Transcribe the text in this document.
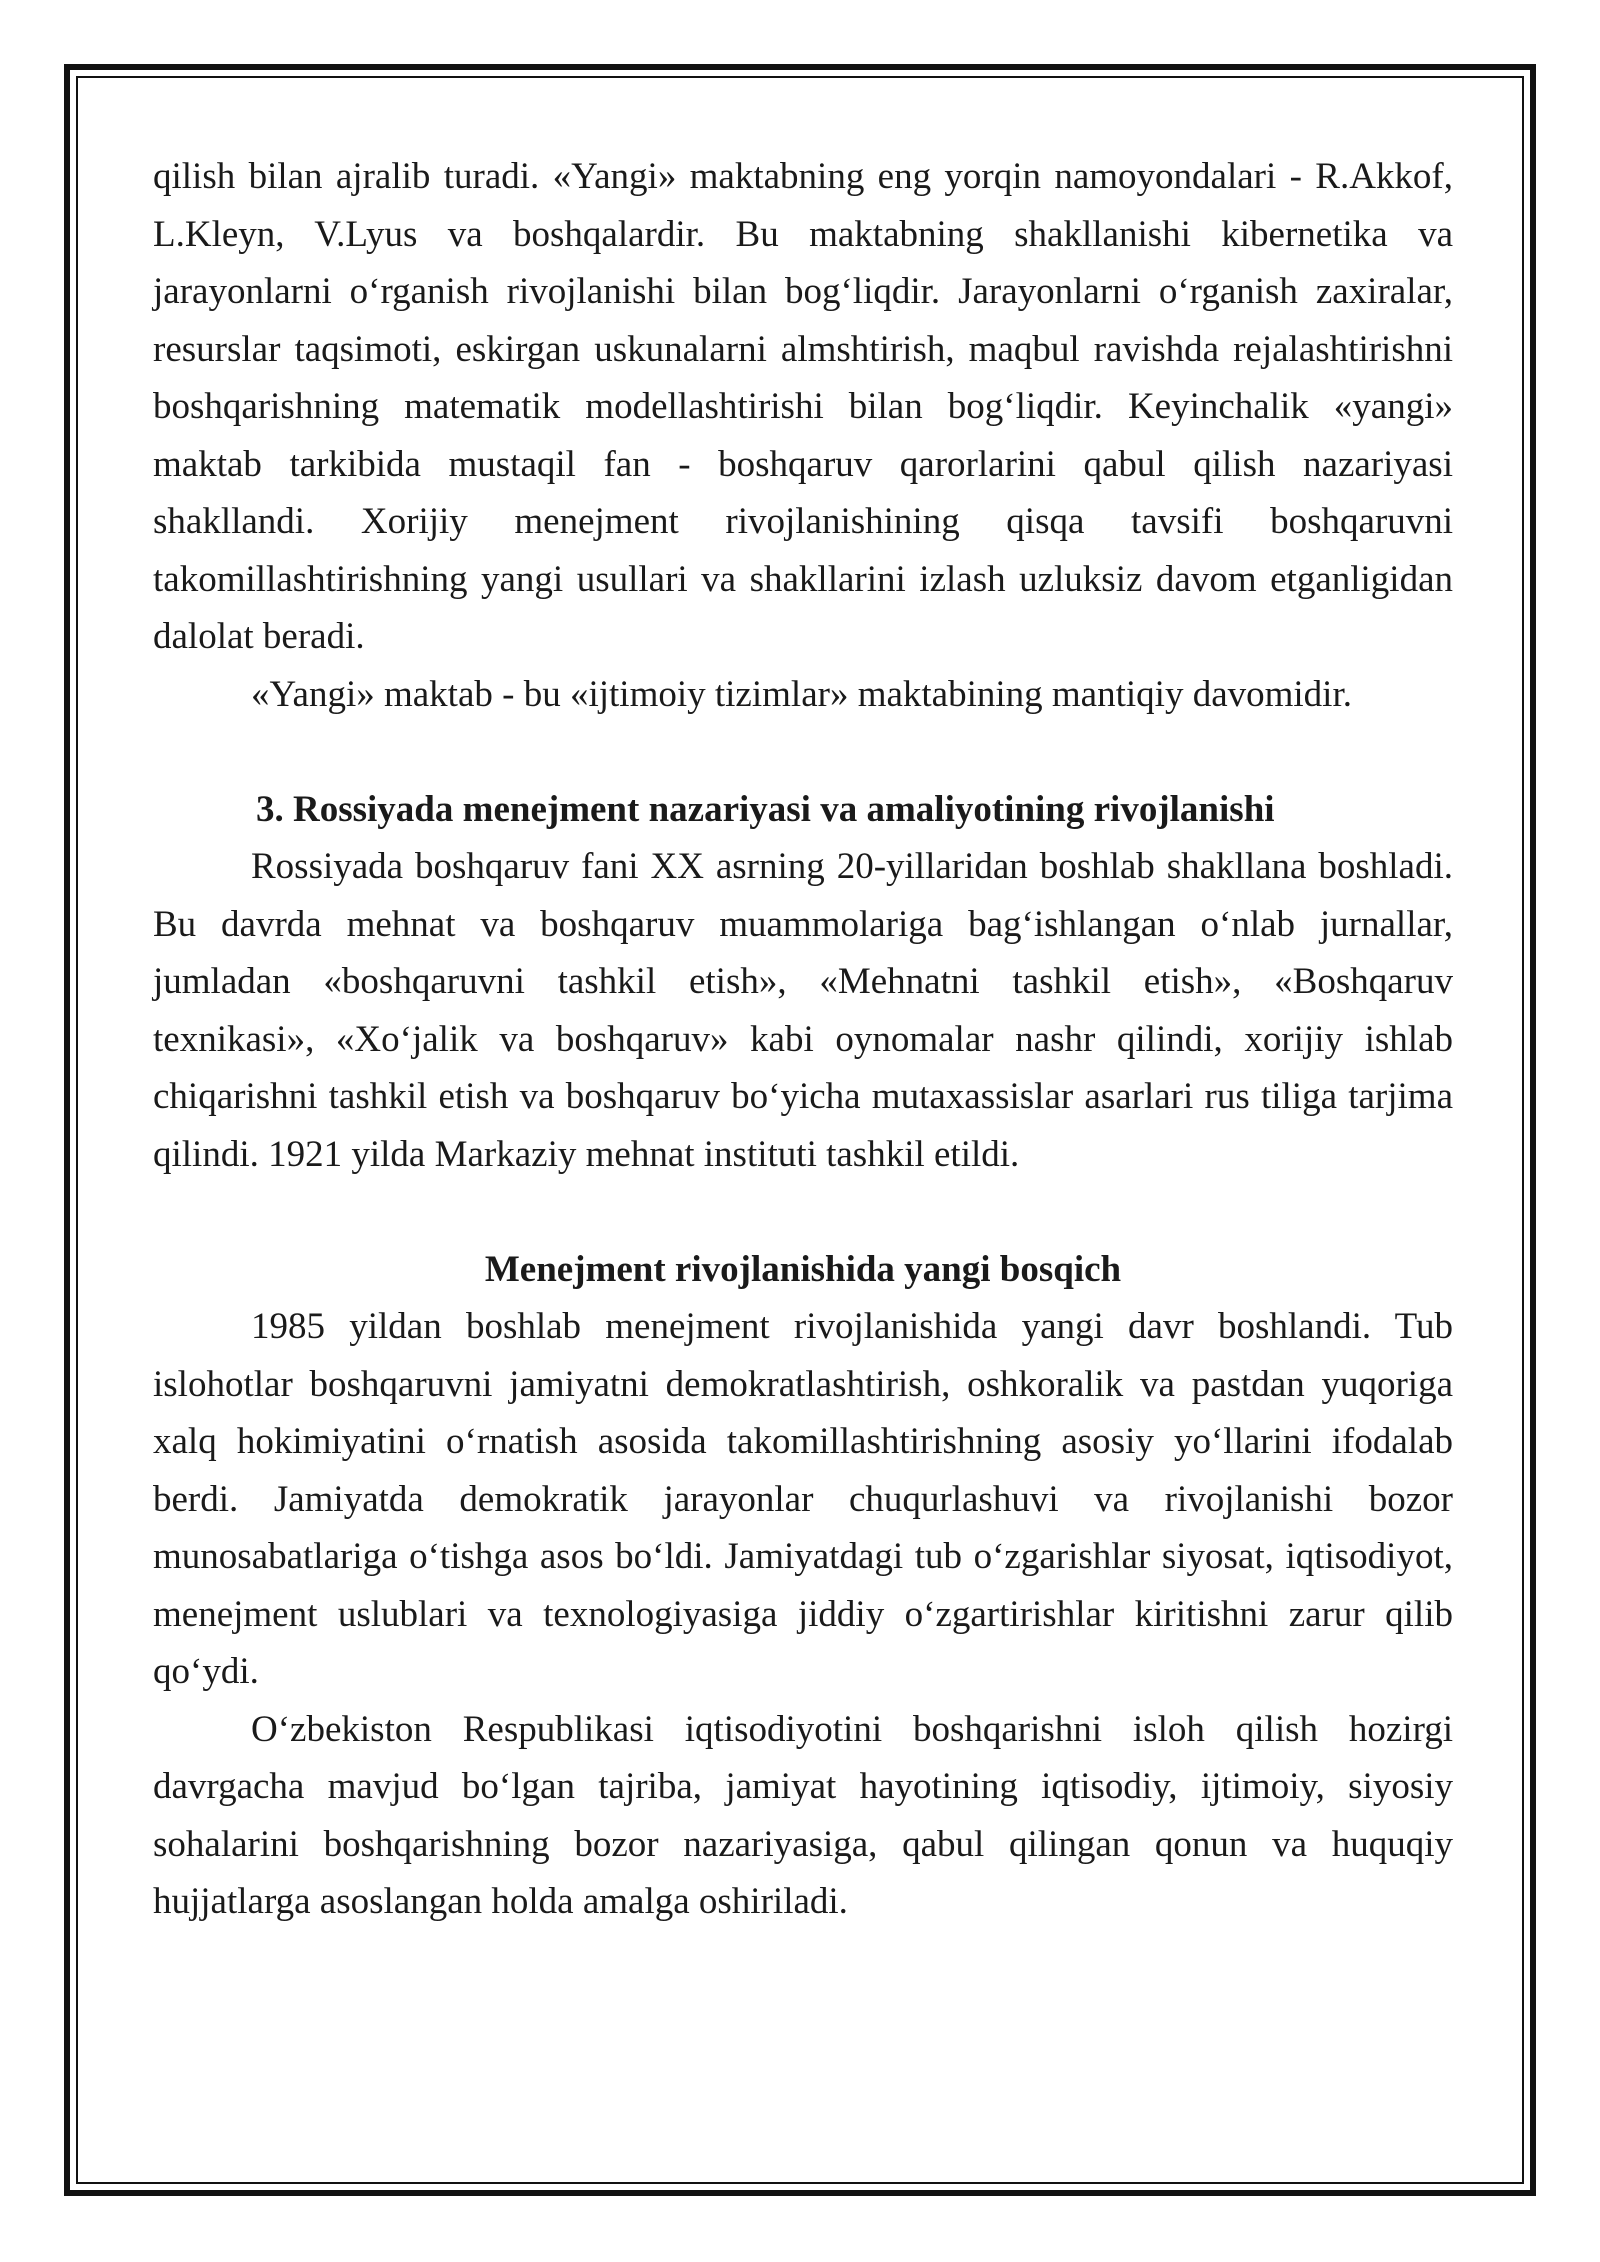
qilish bilan ajralib turadi. «Yangi» maktabning eng yorqin namoyondalari - R.Akkof, L.Kleyn, V.Lyus va boshqalardir. Bu maktabning shakllanishi kibernetika va jarayonlarni o‘rganish rivojlanishi bilan bog‘liqdir. Jarayonlarni o‘rganish zaxiralar, resurslar taqsimoti, eskirgan uskunalarni almshtirish, maqbul ravishda rejalashtirishni boshqarishning matematik modellashtirishi bilan bog‘liqdir. Keyinchalik «yangi» maktab tarkibida mustaqil fan - boshqaruv qarorlarini qabul qilish nazariyasi shakllandi. Xorijiy menejment rivojlanishining qisqa tavsifi boshqaruvni takomillashtirishning yangi usullari va shakllarini izlash uzluksiz davom etganligidan dalolat beradi.

«Yangi» maktab - bu «ijtimoiy tizimlar» maktabining mantiqiy davomidir.

3. Rossiyada menejment nazariyasi va amaliyotining rivojlanishi

Rossiyada boshqaruv fani XX asrning 20-yillaridan boshlab shakllana boshladi. Bu davrda mehnat va boshqaruv muammolariga bag‘ishlangan o‘nlab jurnallar, jumladan «boshqaruvni tashkil etish», «Mehnatni tashkil etish», «Boshqaruv texnikasi», «Xo‘jalik va boshqaruv» kabi oynomalar nashr qilindi, xorijiy ishlab chiqarishni tashkil etish va boshqaruv bo‘yicha mutaxassislar asarlari rus tiliga tarjima qilindi. 1921 yilda Markaziy mehnat instituti tashkil etildi.

Menejment rivojlanishida yangi bosqich

1985 yildan boshlab menejment rivojlanishida yangi davr boshlandi. Tub islohotlar boshqaruvni jamiyatni demokratlashtirish, oshkoralik va pastdan yuqoriga xalq hokimiyatini o‘rnatish asosida takomillashtirishning asosiy yo‘llarini ifodalab berdi. Jamiyatda demokratik jarayonlar chuqurlashuvi va rivojlanishi bozor munosabatlariga o‘tishga asos bo‘ldi. Jamiyatdagi tub o‘zgarishlar siyosat, iqtisodiyot, menejment uslublari va texnologiyasiga jiddiy o‘zgartirishlar kiritishni zarur qilib qo‘ydi.

O‘zbekiston Respublikasi iqtisodiyotini boshqarishni isloh qilish hozirgi davrgacha mavjud bo‘lgan tajriba, jamiyat hayotining iqtisodiy, ijtimoiy, siyosiy sohalarini boshqarishning bozor nazariyasiga, qabul qilingan qonun va huquqiy hujjatlarga asoslangan holda amalga oshiriladi.
